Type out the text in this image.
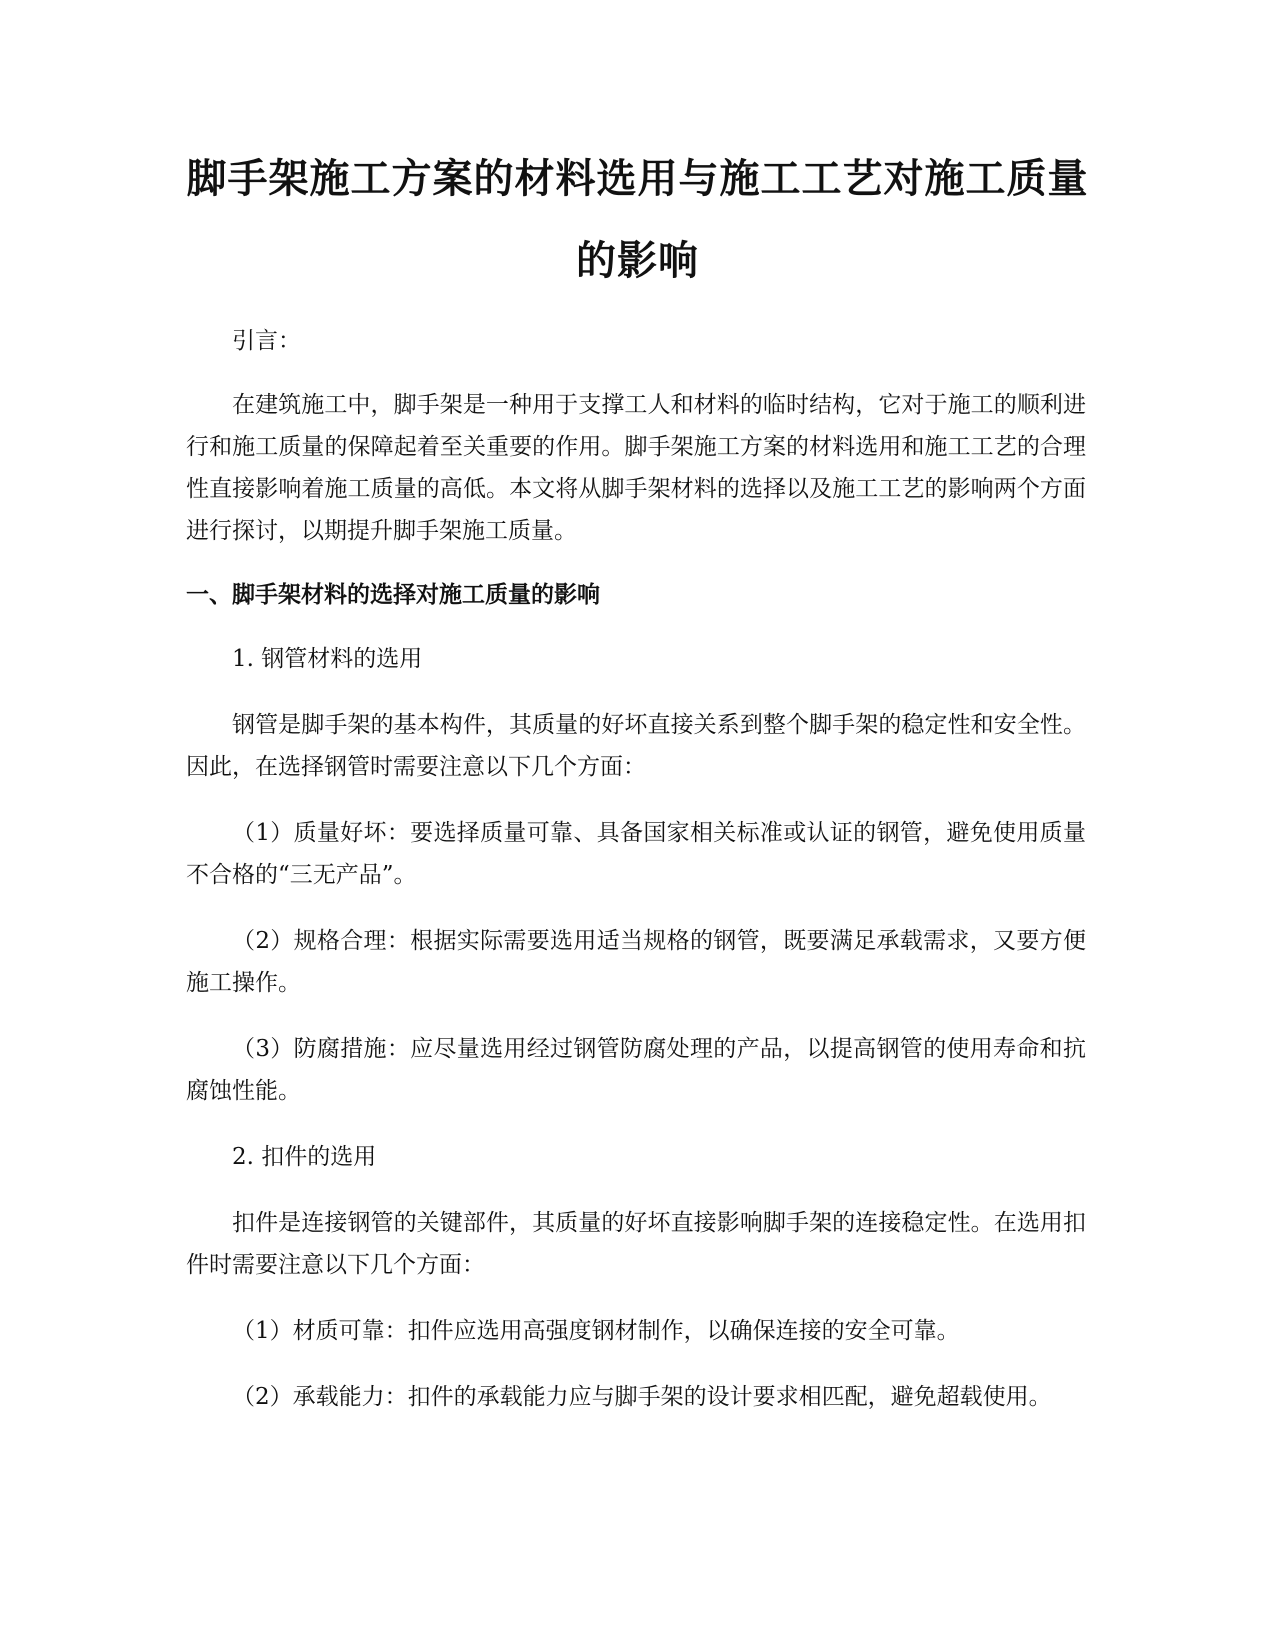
脚手架施工方案的材料选用与施工工艺对施工质量的影响

引言：

在建筑施工中，脚手架是一种用于支撑工人和材料的临时结构，它对于施工的顺利进行和施工质量的保障起着至关重要的作用。脚手架施工方案的材料选用和施工工艺的合理性直接影响着施工质量的高低。本文将从脚手架材料的选择以及施工工艺的影响两个方面进行探讨，以期提升脚手架施工质量。

一、脚手架材料的选择对施工质量的影响

1. 钢管材料的选用

钢管是脚手架的基本构件，其质量的好坏直接关系到整个脚手架的稳定性和安全性。因此，在选择钢管时需要注意以下几个方面：

（1）质量好坏：要选择质量可靠、具备国家相关标准或认证的钢管，避免使用质量不合格的“三无产品”。

（2）规格合理：根据实际需要选用适当规格的钢管，既要满足承载需求，又要方便施工操作。

（3）防腐措施：应尽量选用经过钢管防腐处理的产品，以提高钢管的使用寿命和抗腐蚀性能。

2. 扣件的选用

扣件是连接钢管的关键部件，其质量的好坏直接影响脚手架的连接稳定性。在选用扣件时需要注意以下几个方面：

（1）材质可靠：扣件应选用高强度钢材制作，以确保连接的安全可靠。

（2）承载能力：扣件的承载能力应与脚手架的设计要求相匹配，避免超载使用。
